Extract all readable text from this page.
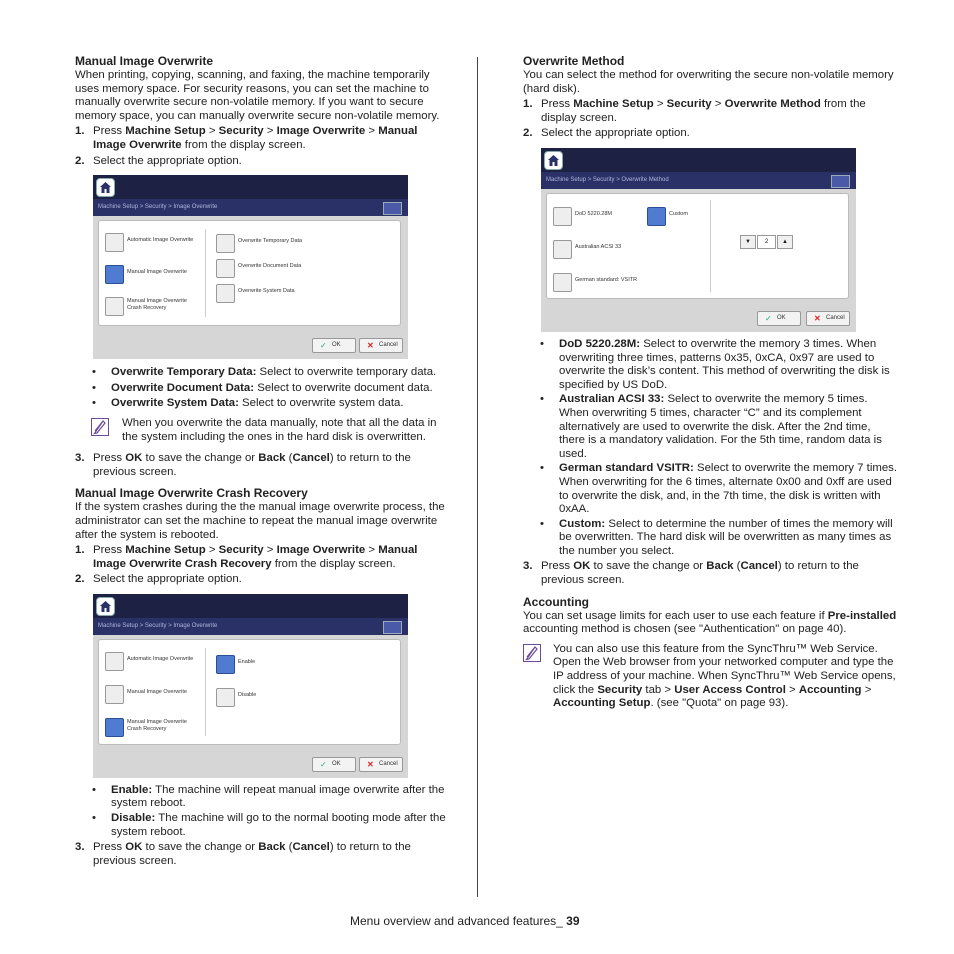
Manual Image Overwrite

When printing, copying, scanning, and faxing, the machine temporarily uses memory space. For security reasons, you can set the machine to manually overwrite secure non-volatile memory. If you want to secure memory space, you can manually overwrite secure non-volatile memory.

1. Press Machine Setup > Security > Image Overwrite > Manual Image Overwrite from the display screen.
2. Select the appropriate option.
Machine Setup > Security > Image Overwrite
Automatic Image Overwrite
Manual Image Overwrite
Manual Image Overwrite Crash Recovery
Overwrite Temporary Data
Overwrite Document Data
Overwrite System Data
✓ OK	✕ Cancel
• Overwrite Temporary Data: Select to overwrite temporary data.
• Overwrite Document Data: Select to overwrite document data.
• Overwrite System Data: Select to overwrite system data.
When you overwrite the data manually, note that all the data in the system including the ones in the hard disk is overwritten.
3. Press OK to save the change or Back (Cancel) to return to the previous screen.
Manual Image Overwrite Crash Recovery

If the system crashes during the the manual image overwrite process, the administrator can set the machine to repeat the manual image overwrite after the system is rebooted.

1. Press Machine Setup > Security > Image Overwrite > Manual Image Overwrite Crash Recovery from the display screen.
2. Select the appropriate option.
Machine Setup > Security > Image Overwrite
Automatic Image Overwrite
Manual Image Overwrite
Manual Image Overwrite Crash Recovery
Enable
Disable
✓ OK	✕ Cancel
• Enable: The machine will repeat manual image overwrite after the system reboot.
• Disable: The machine will go to the normal booting mode after the system reboot.
3. Press OK to save the change or Back (Cancel) to return to the previous screen.
Overwrite Method

You can select the method for overwriting the secure non-volatile memory (hard disk).

1. Press Machine Setup > Security > Overwrite Method from the display screen.
2. Select the appropriate option.
Machine Setup > Security > Overwrite Method
DoD 5220.28M
Australian ACSI 33
German standard: VSITR
Custom
▼	2	▲
✓ OK	✕ Cancel
• DoD 5220.28M: Select to overwrite the memory 3 times. When overwriting three times, patterns 0x35, 0xCA, 0x97 are used to overwrite the disk’s content. This method of overwriting the disk is specified by US DoD.
• Australian ACSI 33: Select to overwrite the memory 5 times. When overwriting 5 times, character “C” and its complement alternatively are used to overwrite the disk. After the 2nd time, there is a mandatory validation. For the 5th time, random data is used.
• German standard VSITR: Select to overwrite the memory 7 times. When overwriting for the 6 times, alternate 0x00 and 0xff are used to overwrite the disk, and, in the 7th time, the disk is written with 0xAA.
• Custom: Select to determine the number of times the memory will be overwritten. The hard disk will be overwritten as many times as the number you select.
3. Press OK to save the change or Back (Cancel) to return to the previous screen.
Accounting

You can set usage limits for each user to use each feature if Pre-installed accounting method is chosen (see "Authentication" on page 40).

You can also use this feature from the SyncThru™ Web Service. Open the Web browser from your networked computer and type the IP address of your machine. When SyncThru™ Web Service opens, click the Security tab > User Access Control > Accounting > Accounting Setup. (see "Quota" on page 93).
Menu overview and advanced features_ 39
